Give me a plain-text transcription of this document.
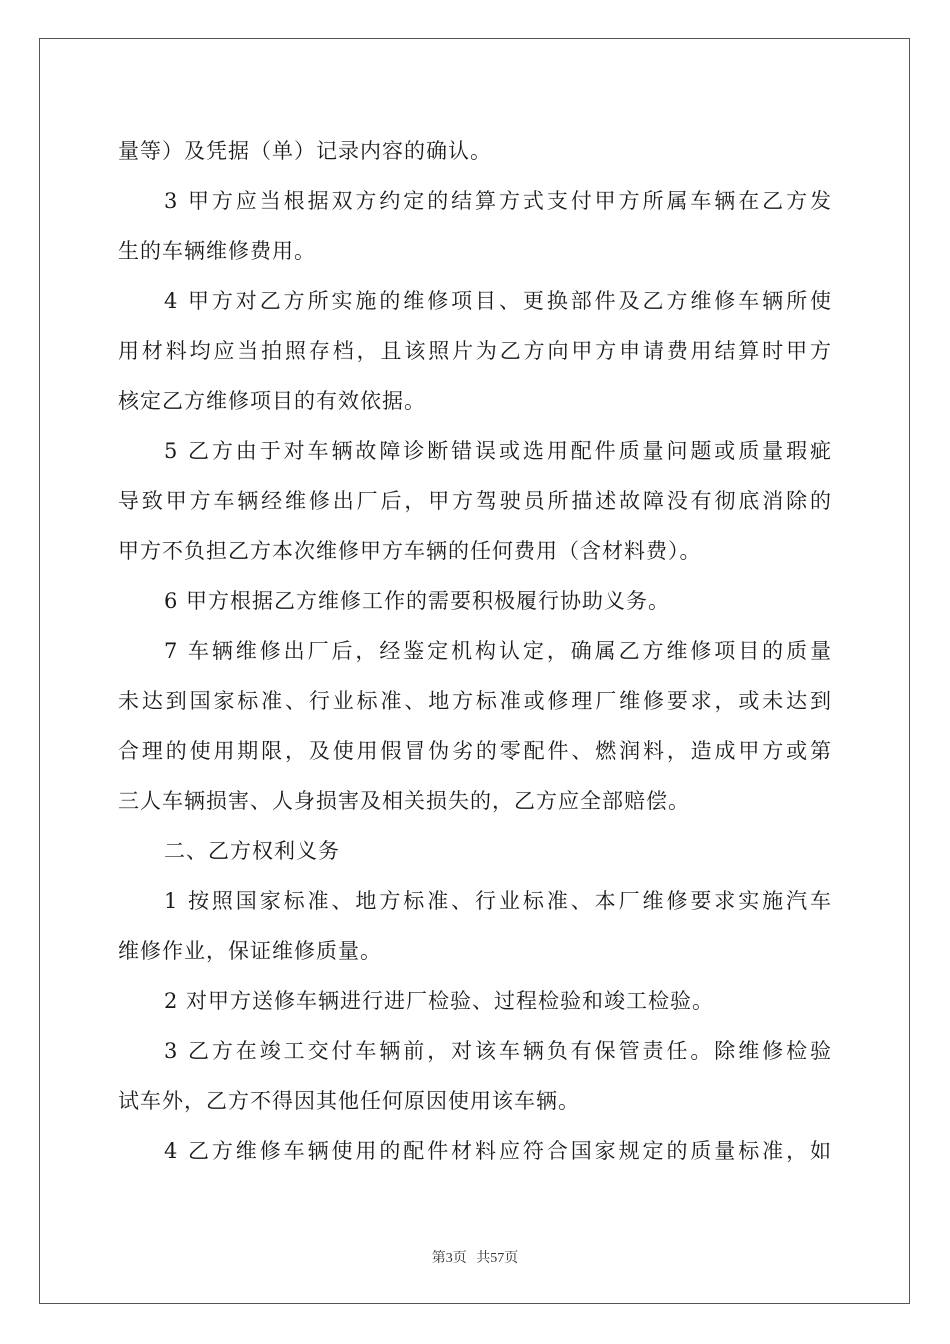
量等）及凭据（单）记录内容的确认。
3 甲方应当根据双方约定的结算方式支付甲方所属车辆在乙方发
生的车辆维修费用。
4 甲方对乙方所实施的维修项目、更换部件及乙方维修车辆所使
用材料均应当拍照存档，且该照片为乙方向甲方申请费用结算时甲方
核定乙方维修项目的有效依据。
5 乙方由于对车辆故障诊断错误或选用配件质量问题或质量瑕疵
导致甲方车辆经维修出厂后，甲方驾驶员所描述故障没有彻底消除的
甲方不负担乙方本次维修甲方车辆的任何费用（含材料费）。
6 甲方根据乙方维修工作的需要积极履行协助义务。
7 车辆维修出厂后，经鉴定机构认定，确属乙方维修项目的质量
未达到国家标准、行业标准、地方标准或修理厂维修要求，或未达到
合理的使用期限，及使用假冒伪劣的零配件、燃润料，造成甲方或第
三人车辆损害、人身损害及相关损失的，乙方应全部赔偿。
二、乙方权利义务
1 按照国家标准、地方标准、行业标准、本厂维修要求实施汽车
维修作业，保证维修质量。
2 对甲方送修车辆进行进厂检验、过程检验和竣工检验。
3 乙方在竣工交付车辆前，对该车辆负有保管责任。除维修检验
试车外，乙方不得因其他任何原因使用该车辆。
4 乙方维修车辆使用的配件材料应符合国家规定的质量标准，如
第3页 共57页
